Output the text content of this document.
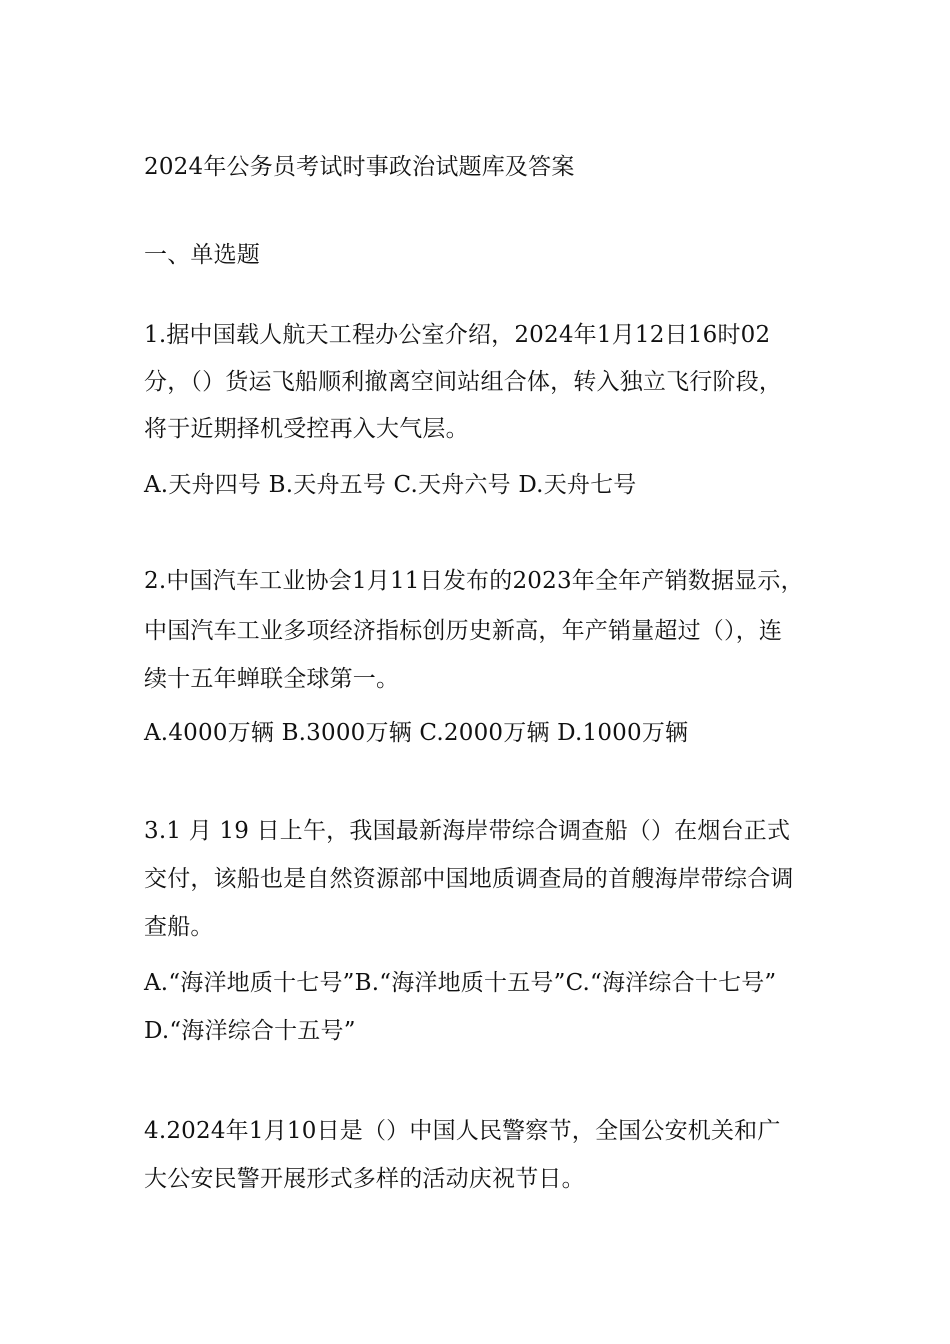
2024年公务员考试时事政治试题库及答案
一、单选题
1.据中国载人航天工程办公室介绍，2024年1月12日16时02
分，（）货运飞船顺利撤离空间站组合体，转入独立飞行阶段，
将于近期择机受控再入大气层。
A.天舟四号 B.天舟五号 C.天舟六号 D.天舟七号
2.中国汽车工业协会1月11日发布的2023年全年产销数据显示，
中国汽车工业多项经济指标创历史新高，年产销量超过（），连
续十五年蝉联全球第一。
A.4000万辆 B.3000万辆 C.2000万辆 D.1000万辆
3.1 月 19 日上午，我国最新海岸带综合调查船（）在烟台正式
交付，该船也是自然资源部中国地质调查局的首艘海岸带综合调
查船。
A.“海洋地质十七号”B.“海洋地质十五号”C.“海洋综合十七号”
D.“海洋综合十五号”
4.2024年1月10日是（）中国人民警察节，全国公安机关和广
大公安民警开展形式多样的活动庆祝节日。
